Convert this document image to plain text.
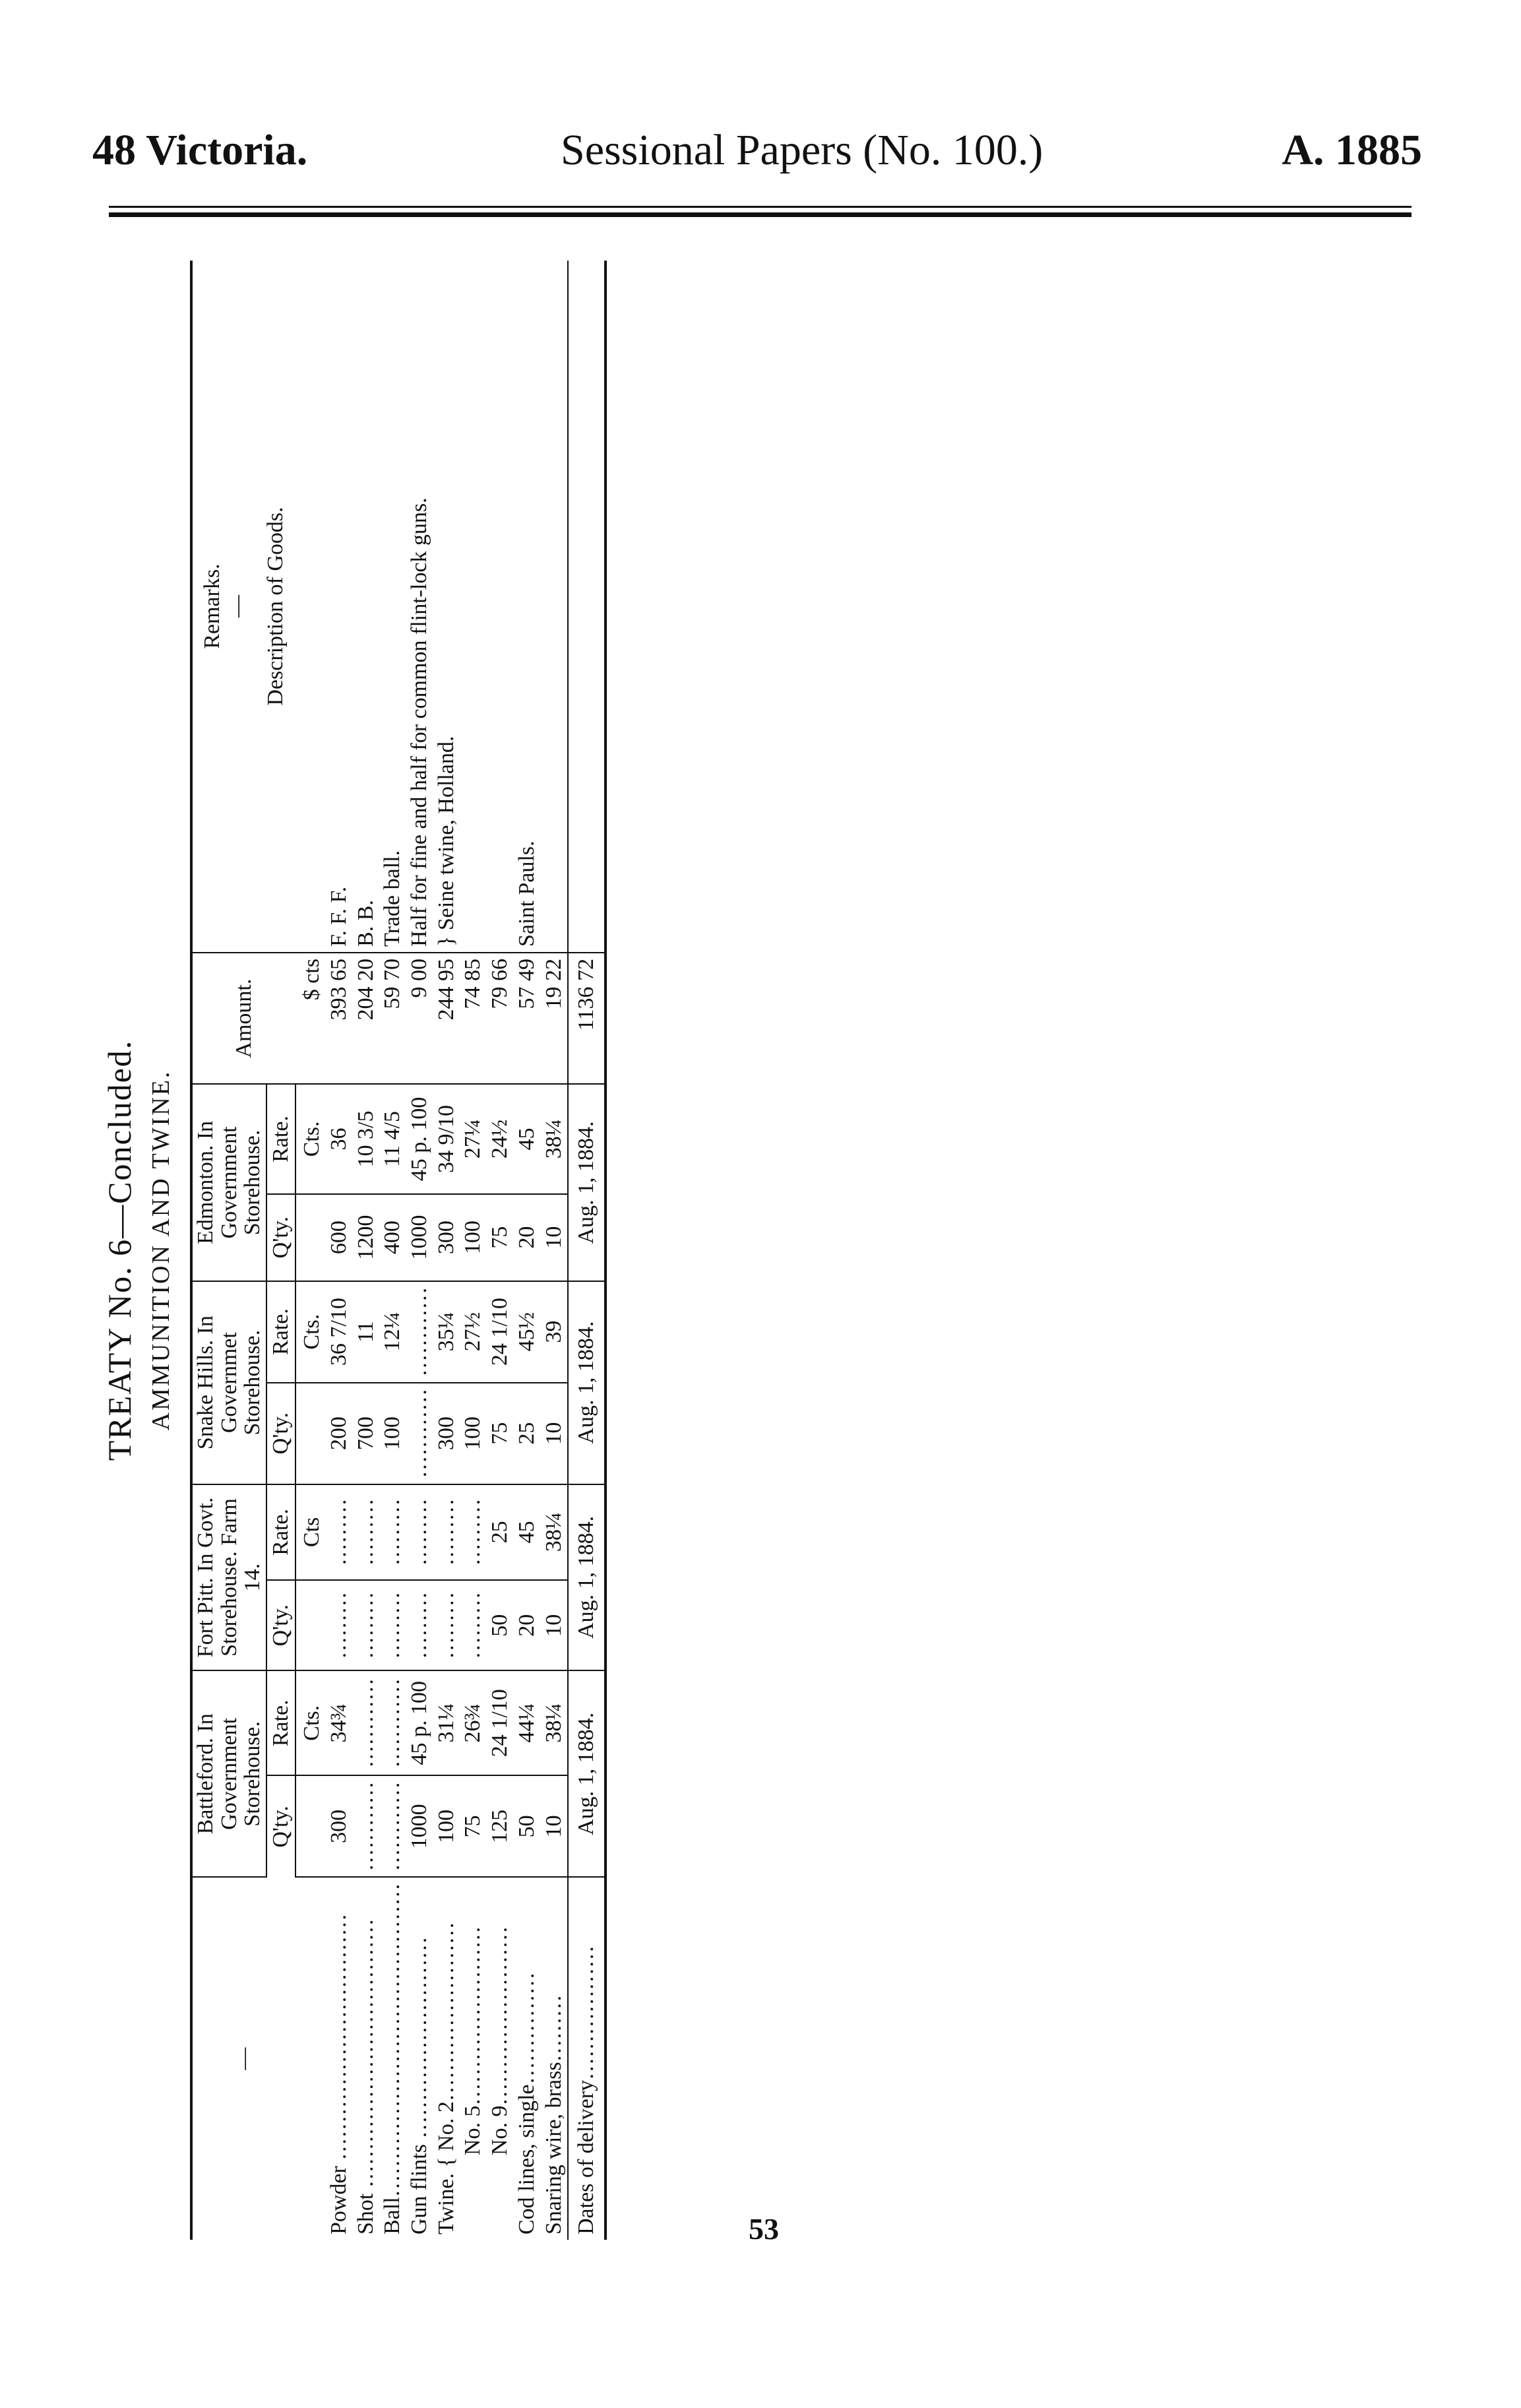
48 Victoria.	Sessional Papers (No. 100.)	A. 1885
TREATY No. 6—Concluded. AMMUNITION AND TWINE.
—	Battleford. In Government Storehouse.		Fort Pitt. In Govt. Storehouse. Farm 14.		Snake Hills. In Governmet Storehouse.		Edmonton. In Government Storehouse.		Amount.	Remarks. — Description of Goods.

	Q'ty.	Rate.	Q'ty.	Rate.	Q'ty.	Rate.	Q'ty.	Rate.		
		Cts.		Cts		Cts.		Cts.	$ cts	
Powder ……………………………	300	34¾	………	………	200	36 7/10	600	36	393 65	F. F. F.
Shot ………………………………	…………	…………	………	………	700	11	1200	10 3/5	204 20	B. B.
Ball……………………………………	…………	…………	………	………	100	12¼	400	11 4/5	59 70	Trade ball.
Gun flints ………………………	1000	45 p. 100	………	………	…………	…………	1000	45 p. 100	9 00	Half for fine and half for common flint-lock guns.
Twine. { No. 2……………………	100	31¼	………	………	300	35¼	300	34 9/10	244 95	} Seine twine, Holland.
No. 5……………………	75	26¾	………	………	100	27½	100	27¼	74 85	
No. 9……………………	125	24 1/10	50	25	75	24 1/10	75	24½	79 66	
Cod lines, single……………	50	44¼	20	45	25	45½	20	45	57 49	Saint Pauls.
Snaring wire, brass………	10	38¼	10	38¼	10	39	10	38¼	19 22	
Dates of delivery………………	Aug. 1, 1884.		Aug. 1, 1884.		Aug. 1, 1884.		Aug. 1, 1884.		1136 72	
53
